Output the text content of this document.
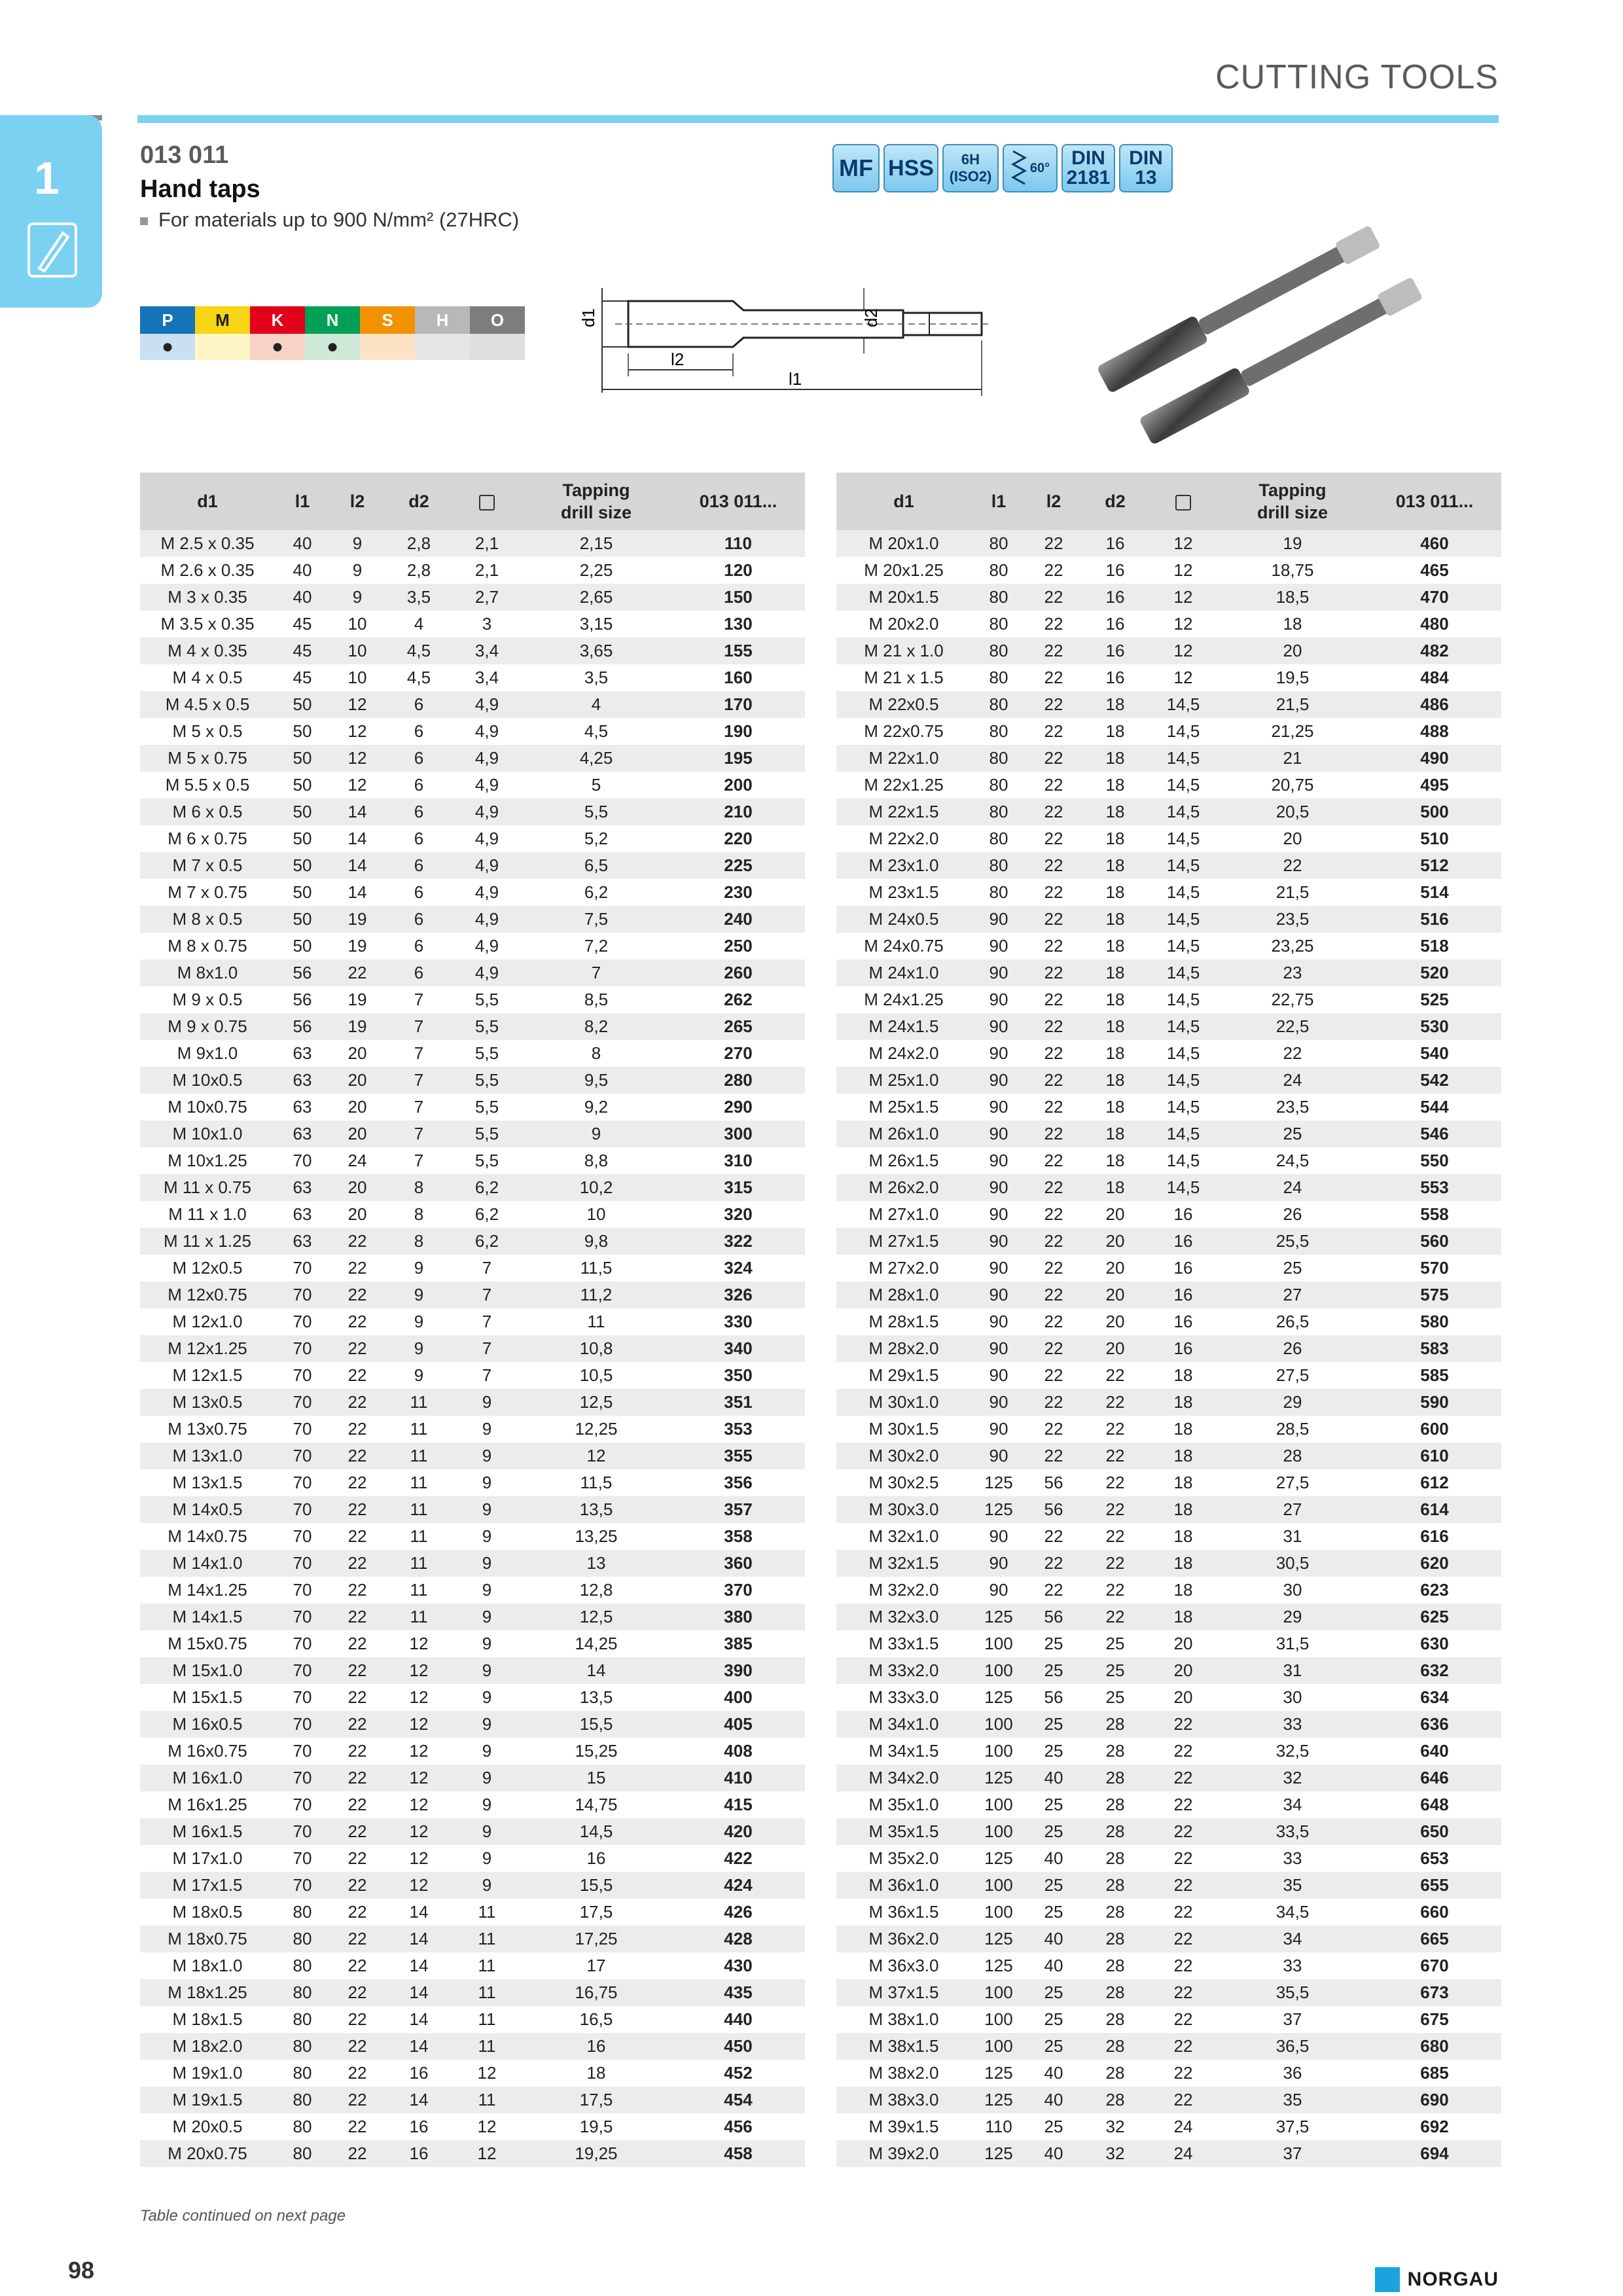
CUTTING TOOLS
1	013 011
Hand taps
For materials up to 900 N/mm² (27HRC)
MF HSS	6H
(ISO2)
60° DIN
2181
DIN
13
P	M	K	N	S	H	O
●		●	●			
d1	d2
l2
l1
d1	l1	l2	d2		Tapping
drill size	013 011...
M 2.5 x 0.35	40	9	2,8	2,1	2,15	110
M 2.6 x 0.35	40	9	2,8	2,1	2,25	120
M 3 x 0.35	40	9	3,5	2,7	2,65	150
M 3.5 x 0.35	45	10	4	3	3,15	130
M 4 x 0.35	45	10	4,5	3,4	3,65	155
M 4 x 0.5	45	10	4,5	3,4	3,5	160
M 4.5 x 0.5	50	12	6	4,9	4	170
M 5 x 0.5	50	12	6	4,9	4,5	190
M 5 x 0.75	50	12	6	4,9	4,25	195
M 5.5 x 0.5	50	12	6	4,9	5	200
M 6 x 0.5	50	14	6	4,9	5,5	210
M 6 x 0.75	50	14	6	4,9	5,2	220
M 7 x 0.5	50	14	6	4,9	6,5	225
M 7 x 0.75	50	14	6	4,9	6,2	230
M 8 x 0.5	50	19	6	4,9	7,5	240
M 8 x 0.75	50	19	6	4,9	7,2	250
M 8x1.0	56	22	6	4,9	7	260
M 9 x 0.5	56	19	7	5,5	8,5	262
M 9 x 0.75	56	19	7	5,5	8,2	265
M 9x1.0	63	20	7	5,5	8	270
M 10x0.5	63	20	7	5,5	9,5	280
M 10x0.75	63	20	7	5,5	9,2	290
M 10x1.0	63	20	7	5,5	9	300
M 10x1.25	70	24	7	5,5	8,8	310
M 11 x 0.75	63	20	8	6,2	10,2	315
M 11 x 1.0	63	20	8	6,2	10	320
M 11 x 1.25	63	22	8	6,2	9,8	322
M 12x0.5	70	22	9	7	11,5	324
M 12x0.75	70	22	9	7	11,2	326
M 12x1.0	70	22	9	7	11	330
M 12x1.25	70	22	9	7	10,8	340
M 12x1.5	70	22	9	7	10,5	350
M 13x0.5	70	22	11	9	12,5	351
M 13x0.75	70	22	11	9	12,25	353
M 13x1.0	70	22	11	9	12	355
M 13x1.5	70	22	11	9	11,5	356
M 14x0.5	70	22	11	9	13,5	357
M 14x0.75	70	22	11	9	13,25	358
M 14x1.0	70	22	11	9	13	360
M 14x1.25	70	22	11	9	12,8	370
M 14x1.5	70	22	11	9	12,5	380
M 15x0.75	70	22	12	9	14,25	385
M 15x1.0	70	22	12	9	14	390
M 15x1.5	70	22	12	9	13,5	400
M 16x0.5	70	22	12	9	15,5	405
M 16x0.75	70	22	12	9	15,25	408
M 16x1.0	70	22	12	9	15	410
M 16x1.25	70	22	12	9	14,75	415
M 16x1.5	70	22	12	9	14,5	420
M 17x1.0	70	22	12	9	16	422
M 17x1.5	70	22	12	9	15,5	424
M 18x0.5	80	22	14	11	17,5	426
M 18x0.75	80	22	14	11	17,25	428
M 18x1.0	80	22	14	11	17	430
M 18x1.25	80	22	14	11	16,75	435
M 18x1.5	80	22	14	11	16,5	440
M 18x2.0	80	22	14	11	16	450
M 19x1.0	80	22	16	12	18	452
M 19x1.5	80	22	14	11	17,5	454
M 20x0.5	80	22	16	12	19,5	456
M 20x0.75	80	22	16	12	19,25	458
d1	l1	l2	d2		Tapping
drill size	013 011...
M 20x1.0	80	22	16	12	19	460
M 20x1.25	80	22	16	12	18,75	465
M 20x1.5	80	22	16	12	18,5	470
M 20x2.0	80	22	16	12	18	480
M 21 x 1.0	80	22	16	12	20	482
M 21 x 1.5	80	22	16	12	19,5	484
M 22x0.5	80	22	18	14,5	21,5	486
M 22x0.75	80	22	18	14,5	21,25	488
M 22x1.0	80	22	18	14,5	21	490
M 22x1.25	80	22	18	14,5	20,75	495
M 22x1.5	80	22	18	14,5	20,5	500
M 22x2.0	80	22	18	14,5	20	510
M 23x1.0	80	22	18	14,5	22	512
M 23x1.5	80	22	18	14,5	21,5	514
M 24x0.5	90	22	18	14,5	23,5	516
M 24x0.75	90	22	18	14,5	23,25	518
M 24x1.0	90	22	18	14,5	23	520
M 24x1.25	90	22	18	14,5	22,75	525
M 24x1.5	90	22	18	14,5	22,5	530
M 24x2.0	90	22	18	14,5	22	540
M 25x1.0	90	22	18	14,5	24	542
M 25x1.5	90	22	18	14,5	23,5	544
M 26x1.0	90	22	18	14,5	25	546
M 26x1.5	90	22	18	14,5	24,5	550
M 26x2.0	90	22	18	14,5	24	553
M 27x1.0	90	22	20	16	26	558
M 27x1.5	90	22	20	16	25,5	560
M 27x2.0	90	22	20	16	25	570
M 28x1.0	90	22	20	16	27	575
M 28x1.5	90	22	20	16	26,5	580
M 28x2.0	90	22	20	16	26	583
M 29x1.5	90	22	22	18	27,5	585
M 30x1.0	90	22	22	18	29	590
M 30x1.5	90	22	22	18	28,5	600
M 30x2.0	90	22	22	18	28	610
M 30x2.5	125	56	22	18	27,5	612
M 30x3.0	125	56	22	18	27	614
M 32x1.0	90	22	22	18	31	616
M 32x1.5	90	22	22	18	30,5	620
M 32x2.0	90	22	22	18	30	623
M 32x3.0	125	56	22	18	29	625
M 33x1.5	100	25	25	20	31,5	630
M 33x2.0	100	25	25	20	31	632
M 33x3.0	125	56	25	20	30	634
M 34x1.0	100	25	28	22	33	636
M 34x1.5	100	25	28	22	32,5	640
M 34x2.0	125	40	28	22	32	646
M 35x1.0	100	25	28	22	34	648
M 35x1.5	100	25	28	22	33,5	650
M 35x2.0	125	40	28	22	33	653
M 36x1.0	100	25	28	22	35	655
M 36x1.5	100	25	28	22	34,5	660
M 36x2.0	125	40	28	22	34	665
M 36x3.0	125	40	28	22	33	670
M 37x1.5	100	25	28	22	35,5	673
M 38x1.0	100	25	28	22	37	675
M 38x1.5	100	25	28	22	36,5	680
M 38x2.0	125	40	28	22	36	685
M 38x3.0	125	40	28	22	35	690
M 39x1.5	110	25	32	24	37,5	692
M 39x2.0	125	40	32	24	37	694
Table continued on next page
98	NORGAU
